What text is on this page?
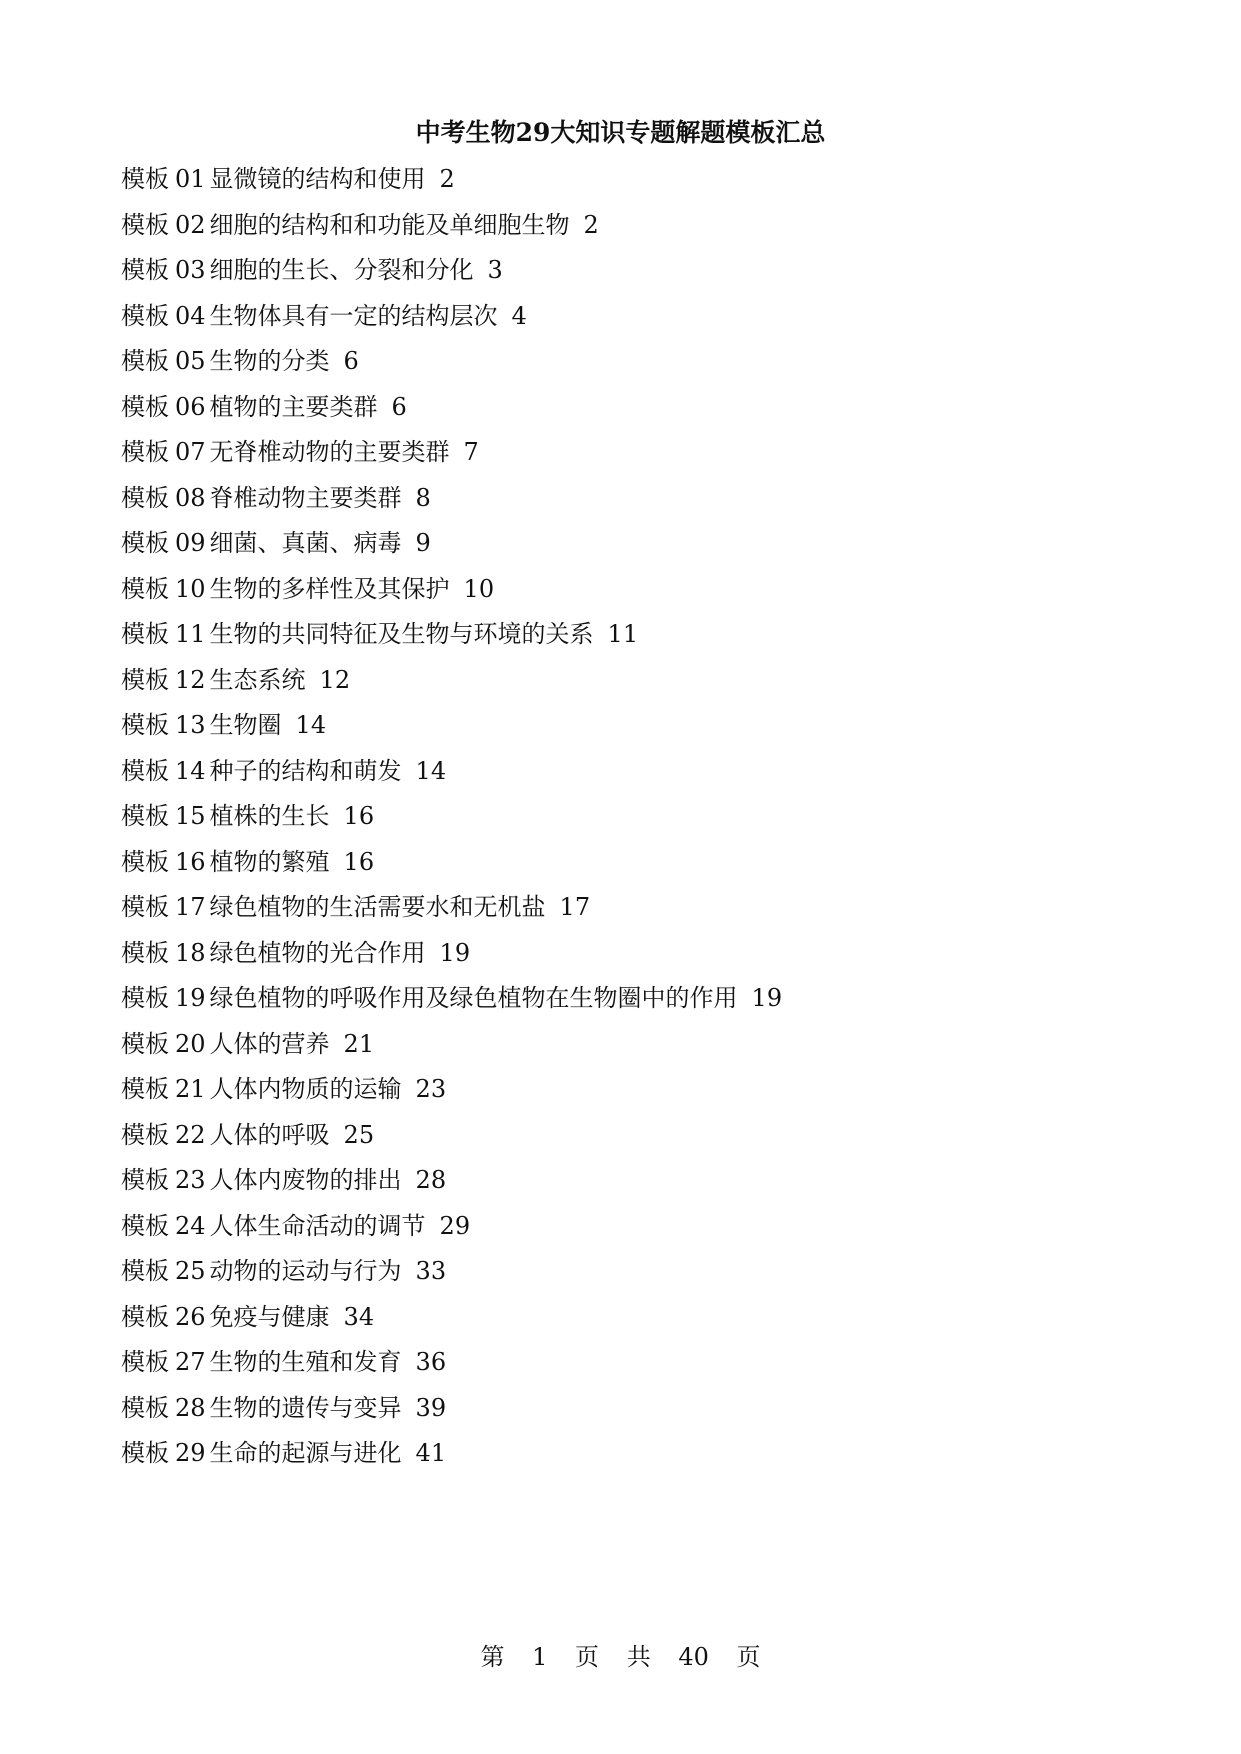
中考生物29大知识专题解题模板汇总
模板 01 显微镜的结构和使用 2
模板 02 细胞的结构和和功能及单细胞生物 2
模板 03 细胞的生长、分裂和分化 3
模板 04 生物体具有一定的结构层次 4
模板 05 生物的分类 6
模板 06 植物的主要类群 6
模板 07 无脊椎动物的主要类群 7
模板 08 脊椎动物主要类群 8
模板 09 细菌、真菌、病毒 9
模板 10 生物的多样性及其保护 10
模板 11 生物的共同特征及生物与环境的关系 11
模板 12 生态系统 12
模板 13 生物圈 14
模板 14 种子的结构和萌发 14
模板 15 植株的生长 16
模板 16 植物的繁殖 16
模板 17 绿色植物的生活需要水和无机盐 17
模板 18 绿色植物的光合作用 19
模板 19 绿色植物的呼吸作用及绿色植物在生物圈中的作用 19
模板 20 人体的营养 21
模板 21 人体内物质的运输 23
模板 22 人体的呼吸 25
模板 23 人体内废物的排出 28
模板 24 人体生命活动的调节 29
模板 25 动物的运动与行为 33
模板 26 免疫与健康 34
模板 27 生物的生殖和发育 36
模板 28 生物的遗传与变异 39
模板 29 生命的起源与进化 41
第 1 页 共 40 页
